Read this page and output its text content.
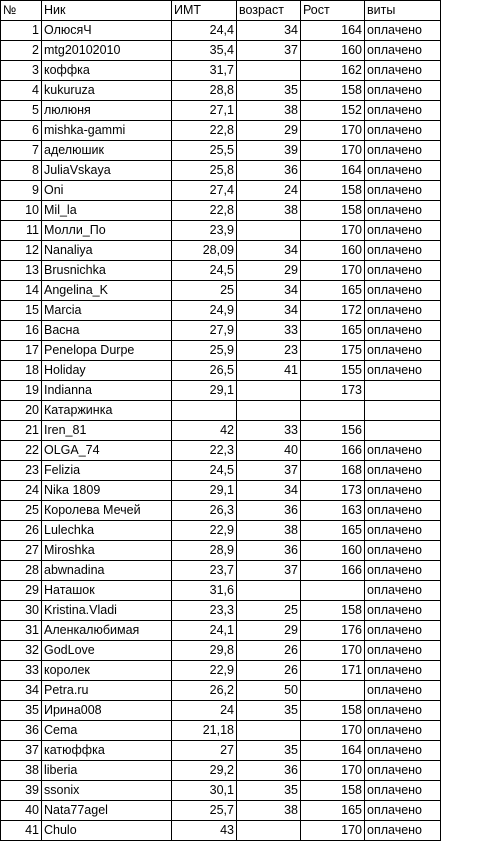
№	Ник	ИМТ	возраст	Рост	виты
1	ОлюсяЧ	24,4	34	164	оплачено
2	mtg20102010	35,4	37	160	оплачено
3	коффка	31,7		162	оплачено
4	kukuruza	28,8	35	158	оплачено
5	люлюня	27,1	38	152	оплачено
6	mishka-gammi	22,8	29	170	оплачено
7	аделюшик	25,5	39	170	оплачено
8	JuliaVskaya	25,8	36	164	оплачено
9	Oni	27,4	24	158	оплачено
10	Mil_la	22,8	38	158	оплачено
11	Молли_По	23,9		170	оплачено
12	Nanaliya	28,09	34	160	оплачено
13	Brusnichka	24,5	29	170	оплачено
14	Angelina_K	25	34	165	оплачено
15	Marcia	24,9	34	172	оплачено
16	Васна	27,9	33	165	оплачено
17	Penelopa Durpe	25,9	23	175	оплачено
18	Holiday	26,5	41	155	оплачено
19	Indianna	29,1		173	
20	Катаржинка				
21	Iren_81	42	33	156	
22	OLGA_74	22,3	40	166	оплачено
23	Felizia	24,5	37	168	оплачено
24	Nika 1809	29,1	34	173	оплачено
25	Королева Мечей	26,3	36	163	оплачено
26	Lulechka	22,9	38	165	оплачено
27	Miroshka	28,9	36	160	оплачено
28	abwnadina	23,7	37	166	оплачено
29	Наташок	31,6			оплачено
30	Kristina.Vladi	23,3	25	158	оплачено
31	Аленкалюбимая	24,1	29	176	оплачено
32	GodLove	29,8	26	170	оплачено
33	королек	22,9	26	171	оплачено
34	Petra.ru	26,2	50		оплачено
35	Ирина008	24	35	158	оплачено
36	Cema	21,18		170	оплачено
37	катюффка	27	35	164	оплачено
38	liberia	29,2	36	170	оплачено
39	ssonix	30,1	35	158	оплачено
40	Nata77agel	25,7	38	165	оплачено
41	Chulo	43		170	оплачено
